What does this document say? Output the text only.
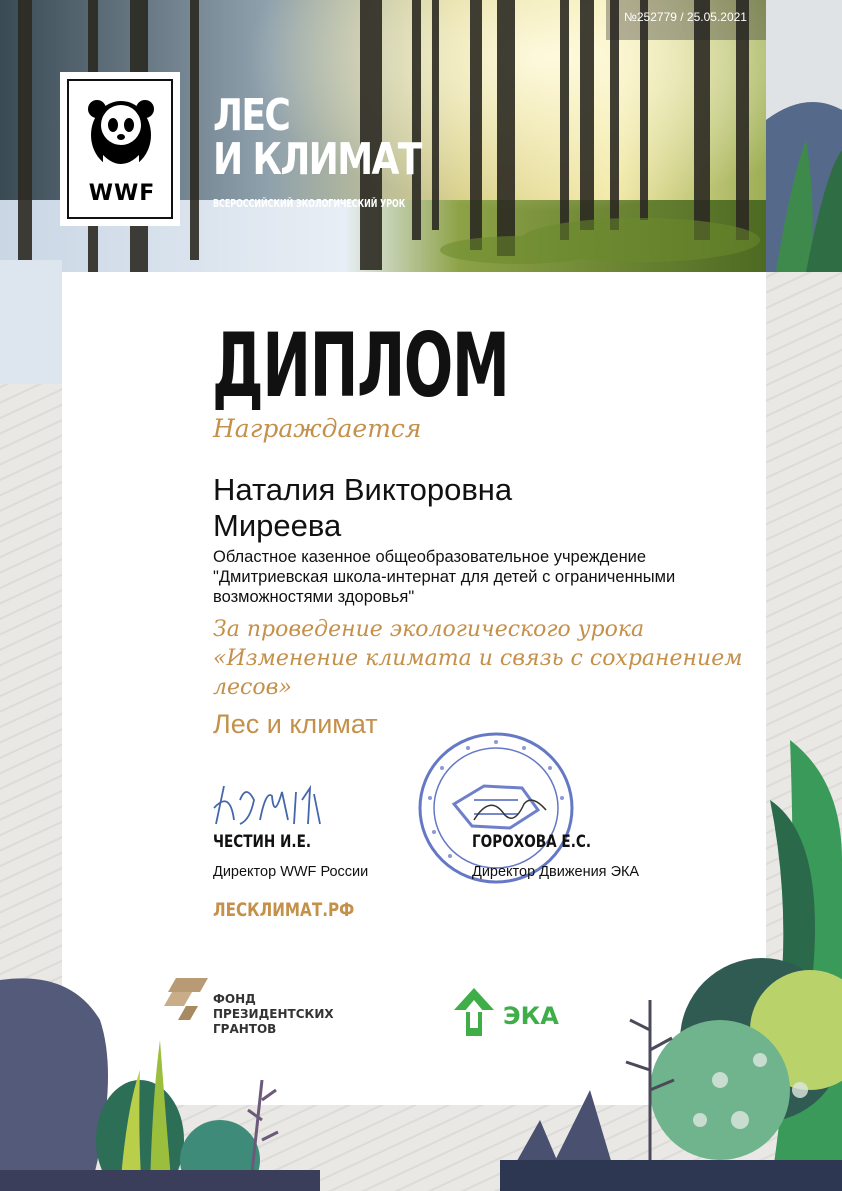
№252779 / 25.05.2021
WWF
ЛЕС
И КЛИМАТ
ВСЕРОССИЙСКИЙ ЭКОЛОГИЧЕСКИЙ УРОК
ДИПЛОМ
Награждается
Наталия Викторовна
Миреева
Областное казенное общеобразовательное учреждение "Дмитриевская школа-интернат для детей с ограниченными возможностями здоровья"
За проведение экологического урока «Изменение климата и связь с сохранением лесов»
Лес и климат
ЧЕСТИН И.Е.
Директор WWF России
ГОРОХОВА Е.С.
Директор Движения ЭКА
ЛЕСКЛИМАТ.РФ
ФОНД
ПРЕЗИДЕНТСКИХ
ГРАНТОВ	ЭКА
